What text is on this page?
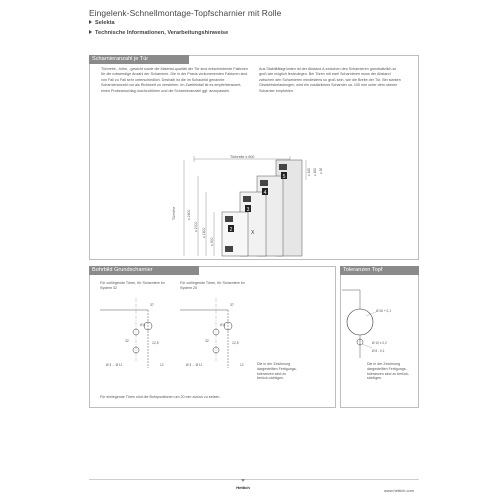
Eingelenk-Schnellmontage-Topfscharnier mit Rolle
Selekta
Technische Informationen, Verarbeitungshinweise
Scharnieranzahl je Tür
Türbreite, -höhe, -gewicht sowie die Material-qualität der Tür sind entscheidende Faktoren für die notwendige Anzahl der Scharniere. Die in der Praxis vorkommenden Faktoren sind von Fall zu Fall sehr unterschiedlich. Deshalb ist die im Schaubild genannte Scharnieranzahl nur als Richtwert zu verstehen. Im Zweifelsfall ist es empfehlenswert, einen Probeanschlag durchzuführen und die Scharnieranzahl ggf. anzupassen.
Aus Stabilitätsgründen ist der Abstand A zwischen den Scharnieren grundsätzlich so groß wie möglich festzulegen. Bei Türen mit zwei Scharnieren muss der Abstand zwischen den Scharnieren mindestens so groß sein, wie die Breite der Tür. Bei starken Gewichtsbelastungen, wird ein zusätzliches Scharnier ca. 100 mm unter dem oberen Scharnier empfohlen.
Türbreite ≤ 600
2
3
4
5
X
Türhöhe	≤ 2400
≤ 2000
≤ 1600
≤ 900
≥ 100 ≥ 100 ≥ 90
Bohrbild Grundscharnier
Für vorliegende Türen, für Scharniere im System 32
Für vorliegende Türen, für Scharniere im System 25
37
32	12,5
Ø 8
Ø 3 ... Ø 11	12
37
32	12,5
Ø 8
Ø 3 ... Ø 11	12	Die in der Zeichnung dargestellten Fertigungs-toleranzen sind zu berück-sichtigen.
Für einliegende Türen sind die Bohrpositionen um 20 mm zurück zu setzen.
Toleranzen Topf
Ø 26 + 0,1
Ø 10 ± 0,2
Ø 8 - 0,1
Die in der Zeichnung dargestellten Fertigungs-toleranzen sind zu berück-sichtigen.
Hettich
www.hettich.com
